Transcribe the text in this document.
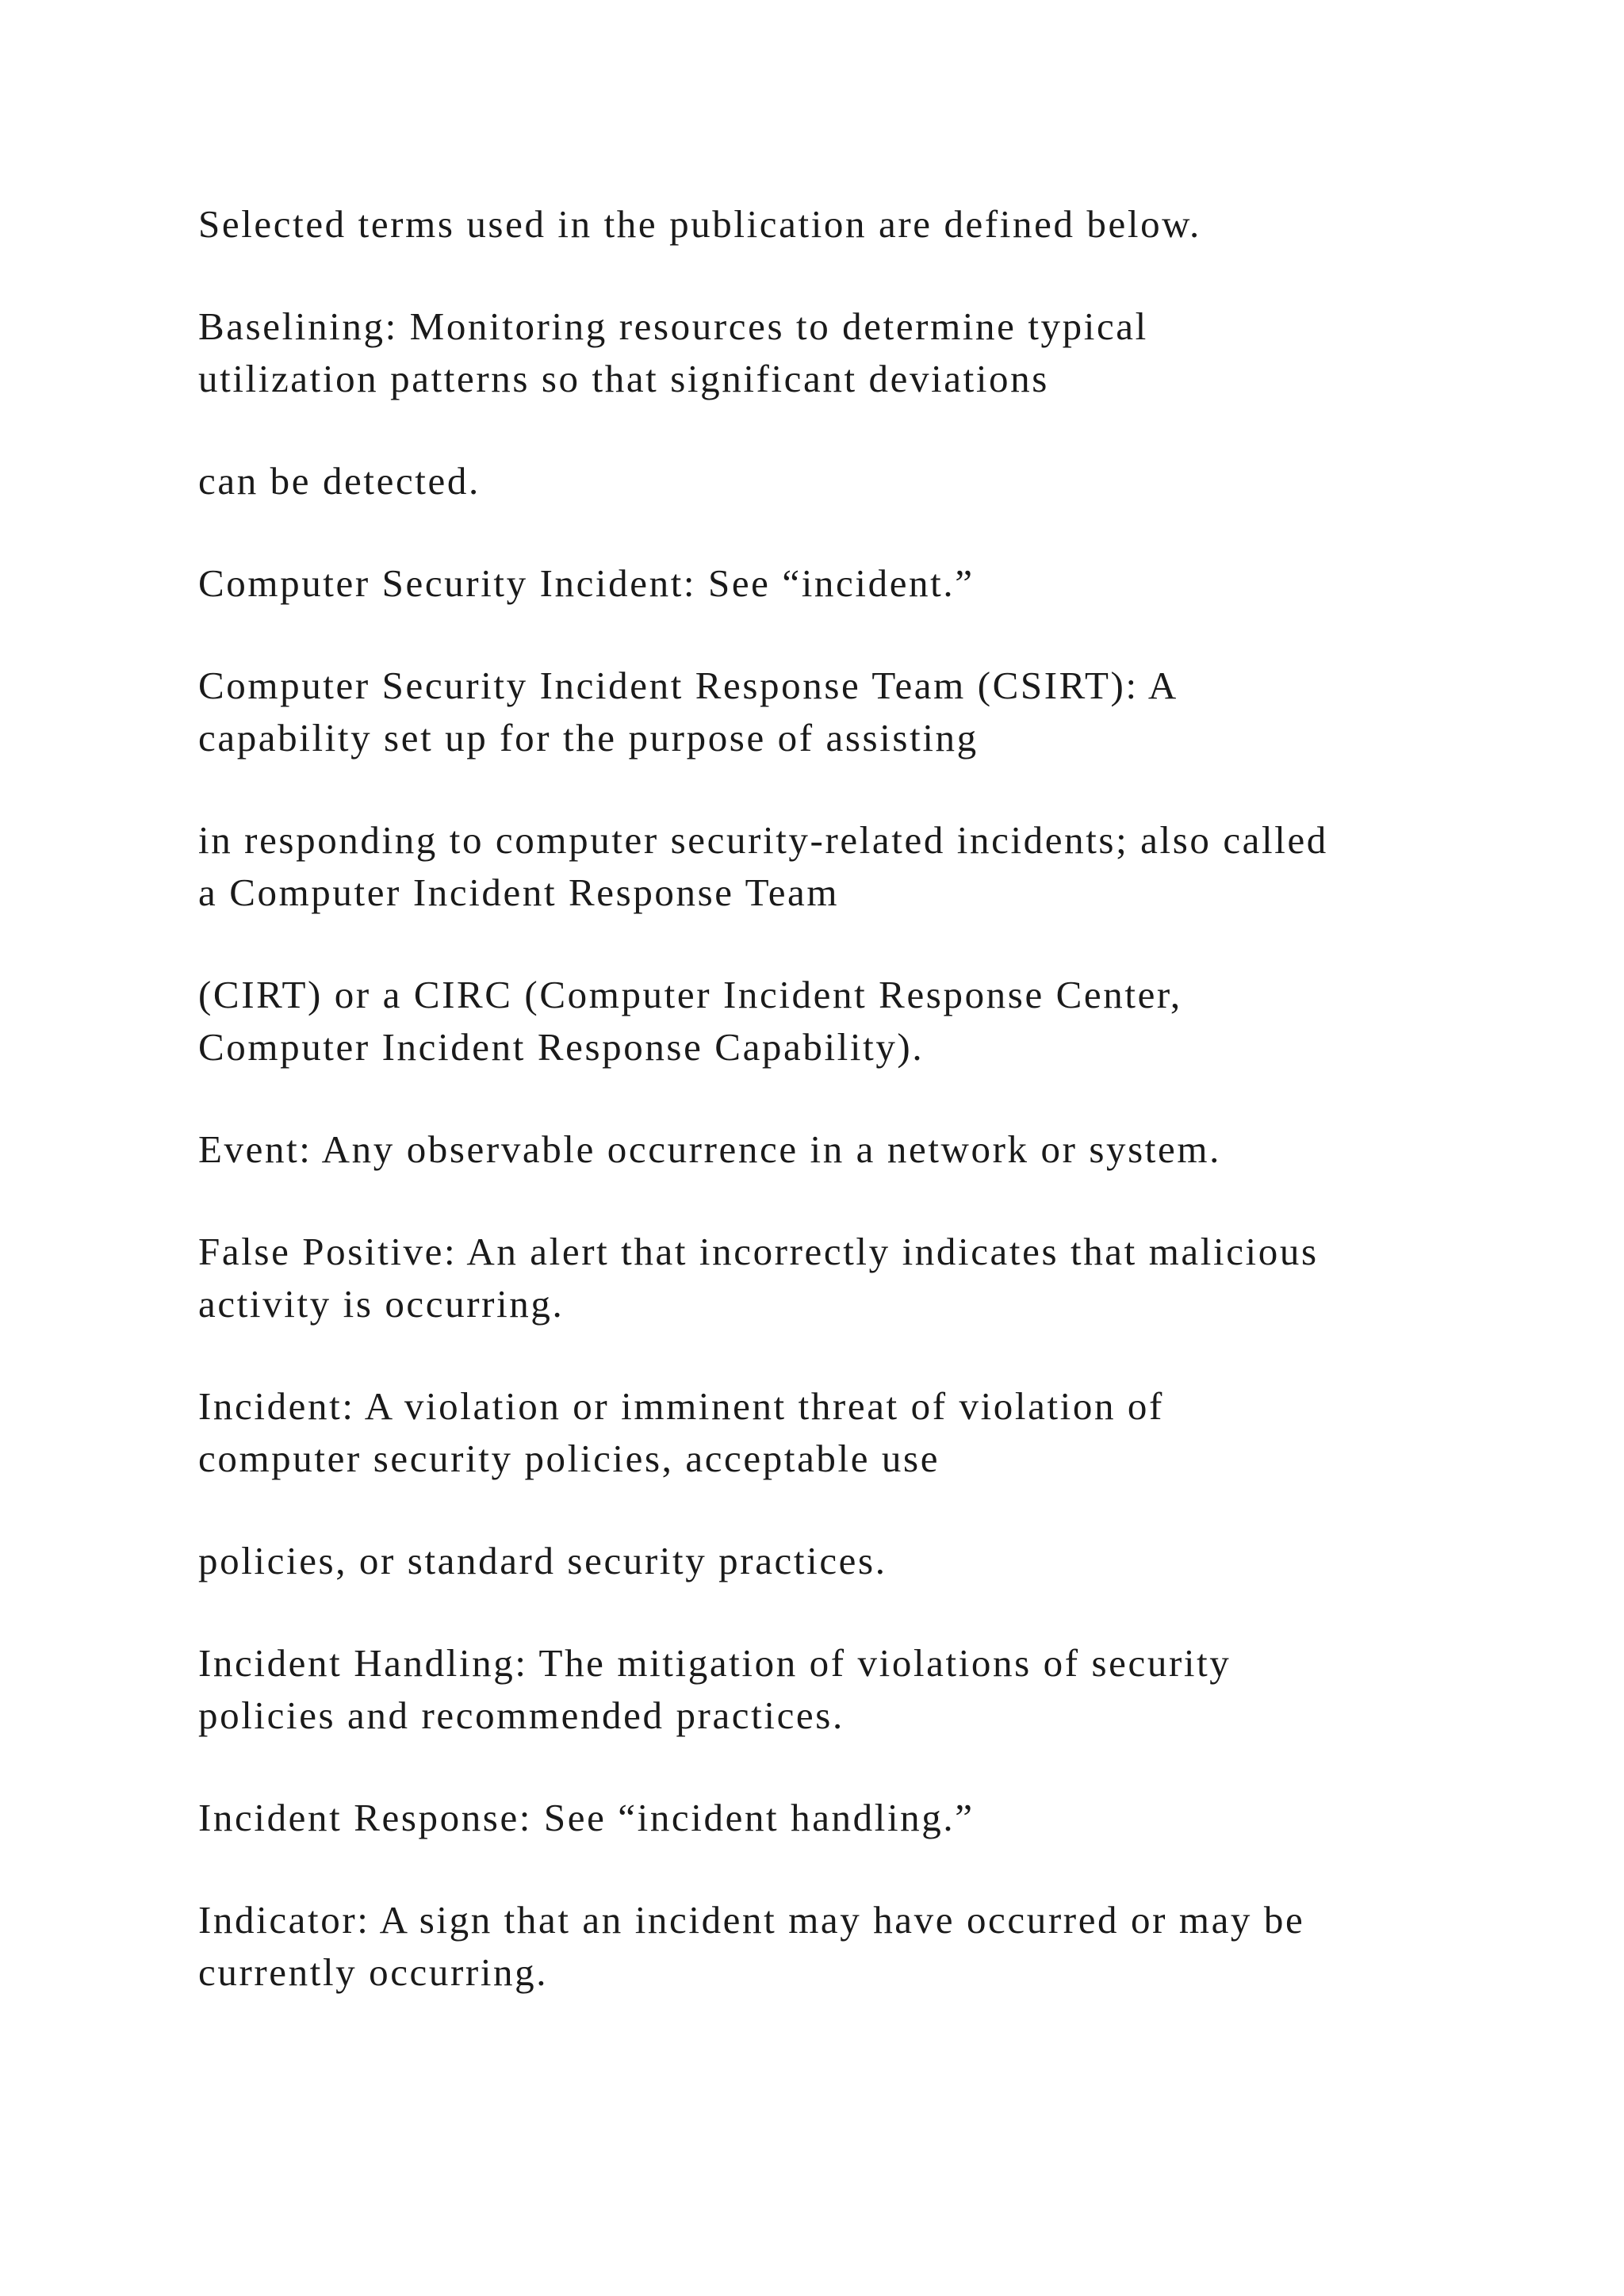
Selected terms used in the publication are defined below.

Baselining: Monitoring resources to determine typical
utilization patterns so that significant deviations

can be detected.

Computer Security Incident: See “incident.”

Computer Security Incident Response Team (CSIRT): A
capability set up for the purpose of assisting

in responding to computer security-related incidents; also called
a Computer Incident Response Team

(CIRT) or a CIRC (Computer Incident Response Center,
Computer Incident Response Capability).

Event: Any observable occurrence in a network or system.

False Positive: An alert that incorrectly indicates that malicious
activity is occurring.

Incident: A violation or imminent threat of violation of
computer security policies, acceptable use

policies, or standard security practices.

Incident Handling: The mitigation of violations of security
policies and recommended practices.

Incident Response: See “incident handling.”

Indicator: A sign that an incident may have occurred or may be
currently occurring.
